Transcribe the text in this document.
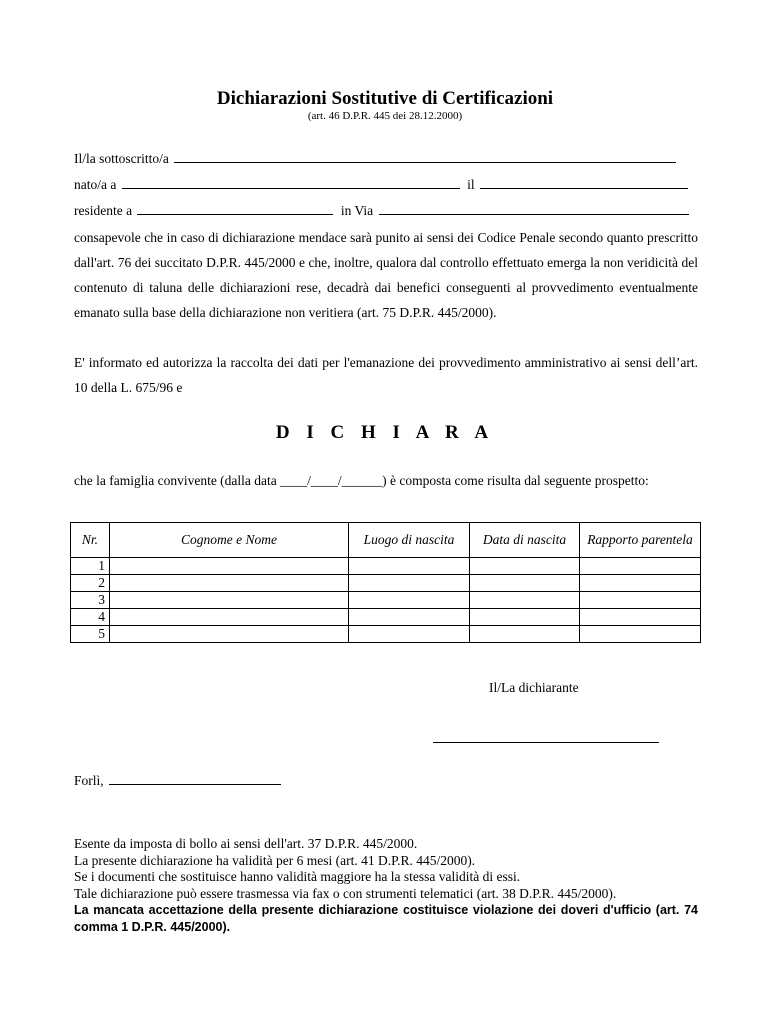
Dichiarazioni Sostitutive di Certificazioni
(art. 46 D.P.R. 445 dei 28.12.2000)
Il/la sottoscritto/a
nato/a a	il
residente a	in Via

consapevole che in caso di dichiarazione mendace sarà punito ai sensi dei Codice Penale secondo quanto prescritto dall'art. 76 dei succitato D.P.R. 445/2000 e che, inoltre, qualora dal controllo effettuato emerga la non veridicità del contenuto di taluna delle dichiarazioni rese, decadrà dai benefici conseguenti al provvedimento eventualmente emanato sulla base della dichiarazione non veritiera (art. 75 D.P.R. 445/2000).

E' informato ed autorizza la raccolta dei dati per l'emanazione dei provvedimento amministrativo ai sensi dell’art. 10 della L. 675/96 e

D I C H I A R A

che la famiglia convivente (dalla data ____/____/______) è composta come risulta dal seguente prospetto:

Nr.	Cognome e Nome	Luogo di nascita	Data di nascita	Rapporto parentela
1				
2				
3				
4				
5				
Il/La dichiarante
Forlì,

Esente da imposta di bollo ai sensi dell'art. 37 D.P.R. 445/2000.

La presente dichiarazione ha validità per 6 mesi (art. 41 D.P.R. 445/2000).

Se i documenti che sostituisce hanno validità maggiore ha la stessa validità di essi.

Tale dichiarazione può essere trasmessa via fax o con strumenti telematici (art. 38 D.P.R. 445/2000).

La mancata accettazione della presente dichiarazione costituisce violazione dei doveri d'ufficio (art. 74 comma 1 D.P.R. 445/2000).
